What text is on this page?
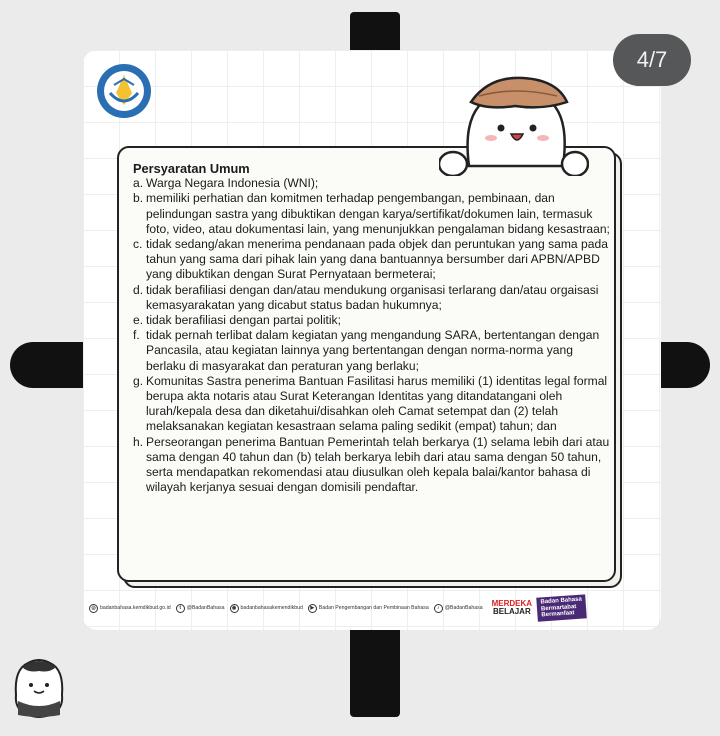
Persyaratan Umum
a. Warga Negara Indonesia (WNI);
b. memiliki perhatian dan komitmen terhadap pengembangan, pembinaan, dan pelindungan sastra yang dibuktikan dengan karya/sertifikat/dokumen lain, termasuk foto, video, atau dokumentasi lain, yang menunjukkan pengalaman bidang kesastraan;
c. tidak sedang/akan menerima pendanaan pada objek dan peruntukan yang sama pada tahun yang sama dari pihak lain yang dana bantuannya bersumber dari APBN/APBD yang dibuktikan dengan Surat Pernyataan bermeterai;
d. tidak berafiliasi dengan dan/atau mendukung organisasi terlarang dan/atau orgaisasi kemasyarakatan yang dicabut status badan hukumnya;
e. tidak berafiliasi dengan partai politik;
f. tidak pernah terlibat dalam kegiatan yang mengandung SARA, bertentangan dengan Pancasila, atau kegiatan lainnya yang bertentangan dengan norma-norma yang berlaku di masyarakat dan peraturan yang berlaku;
g. Komunitas Sastra penerima Bantuan Fasilitasi harus memiliki (1) identitas legal formal berupa akta notaris atau Surat Keterangan Identitas yang ditandatangani oleh lurah/kepala desa dan diketahui/disahkan oleh Camat setempat dan (2) telah melaksanakan kegiatan kesastraan selama paling sedikit (empat) tahun; dan
h. Perseorangan penerima Bantuan Pemerintah telah berkarya (1) selama lebih dari atau sama dengan 40 tahun dan (b) telah berkarya lebih dari atau sama dengan 50 tahun, serta mendapatkan rekomendasi atau diusulkan oleh kepala balai/kantor bahasa di wilayah kerjanya sesuai dengan domisili pendaftar.
◎ badanbahasa.kemdikbud.go.id	t	@BadanBahasa	◉ badanbahasakemendikbud	▶ Badan Pengembangan dan Pembinaan Bahasa	♪	@BadanBahasa MERDEKA
BELAJAR
Badan Bahasa
Bermartabat
Bermanfaat
4/7
